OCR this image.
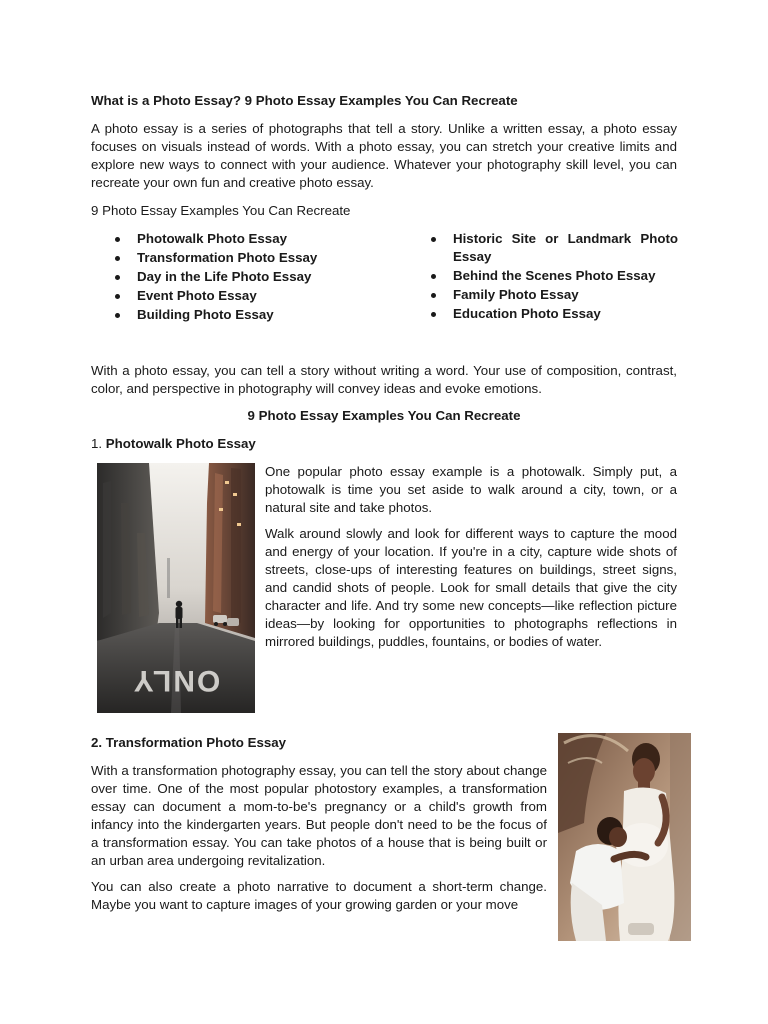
What is a Photo Essay? 9 Photo Essay Examples You Can Recreate

A photo essay is a series of photographs that tell a story. Unlike a written essay, a photo essay focuses on visuals instead of words. With a photo essay, you can stretch your creative limits and explore new ways to connect with your audience. Whatever your photography skill level, you can recreate your own fun and creative photo essay.

9 Photo Essay Examples You Can Recreate

Photowalk Photo Essay
Transformation Photo Essay
Day in the Life Photo Essay
Event Photo Essay
Building Photo Essay
Historic Site or Landmark Photo Essay
Behind the Scenes Photo Essay
Family Photo Essay
Education Photo Essay

With a photo essay, you can tell a story without writing a word. Your use of composition, contrast, color, and perspective in photography will convey ideas and evoke emotions.

9 Photo Essay Examples You Can Recreate

1. Photowalk Photo Essay

ONLY

One popular photo essay example is a photowalk. Simply put, a photowalk is time you set aside to walk around a city, town, or a natural site and take photos.

Walk around slowly and look for different ways to capture the mood and energy of your location. If you're in a city, capture wide shots of streets, close-ups of interesting features on buildings, street signs, and candid shots of people. Look for small details that give the city character and life. And try some new concepts—like reflection picture ideas—by looking for opportunities to photographs reflections in mirrored buildings, puddles, fountains, or bodies of water.

2. Transformation Photo Essay

With a transformation photography essay, you can tell the story about change over time. One of the most popular photostory examples, a transformation essay can document a mom-to-be's pregnancy or a child's growth from infancy into the kindergarten years. But people don't need to be the focus of a transformation essay. You can take photos of a house that is being built or an urban area undergoing revitalization.

You can also create a photo narrative to document a short-term change. Maybe you want to capture images of your growing garden or your move
